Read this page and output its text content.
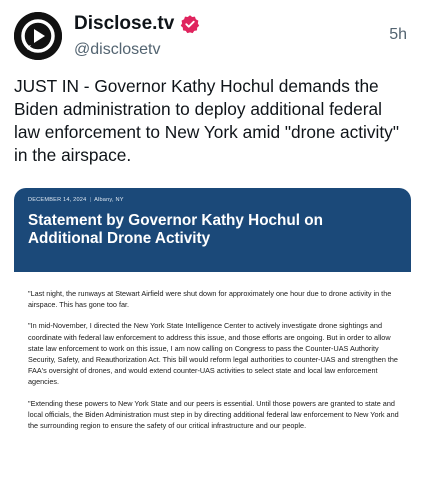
Disclose.tv
@disclosetv
5h
JUST IN - Governor Kathy Hochul demands the Biden administration to deploy additional federal law enforcement to New York amid "drone activity" in the airspace.
DECEMBER 14, 2024 | Albany, NY
Statement by Governor Kathy Hochul on
Additional Drone Activity

"Last night, the runways at Stewart Airfield were shut down for approximately one hour due to drone activity in the airspace. This has gone too far.

"In mid-November, I directed the New York State Intelligence Center to actively investigate drone sightings and coordinate with federal law enforcement to address this issue, and those efforts are ongoing. But in order to allow state law enforcement to work on this issue, I am now calling on Congress to pass the Counter-UAS Authority Security, Safety, and Reauthorization Act. This bill would reform legal authorities to counter-UAS and strengthen the FAA's oversight of drones, and would extend counter-UAS activities to select state and local law enforcement agencies.

"Extending these powers to New York State and our peers is essential. Until those powers are granted to state and local officials, the Biden Administration must step in by directing additional federal law enforcement to New York and the surrounding region to ensure the safety of our critical infrastructure and our people.
